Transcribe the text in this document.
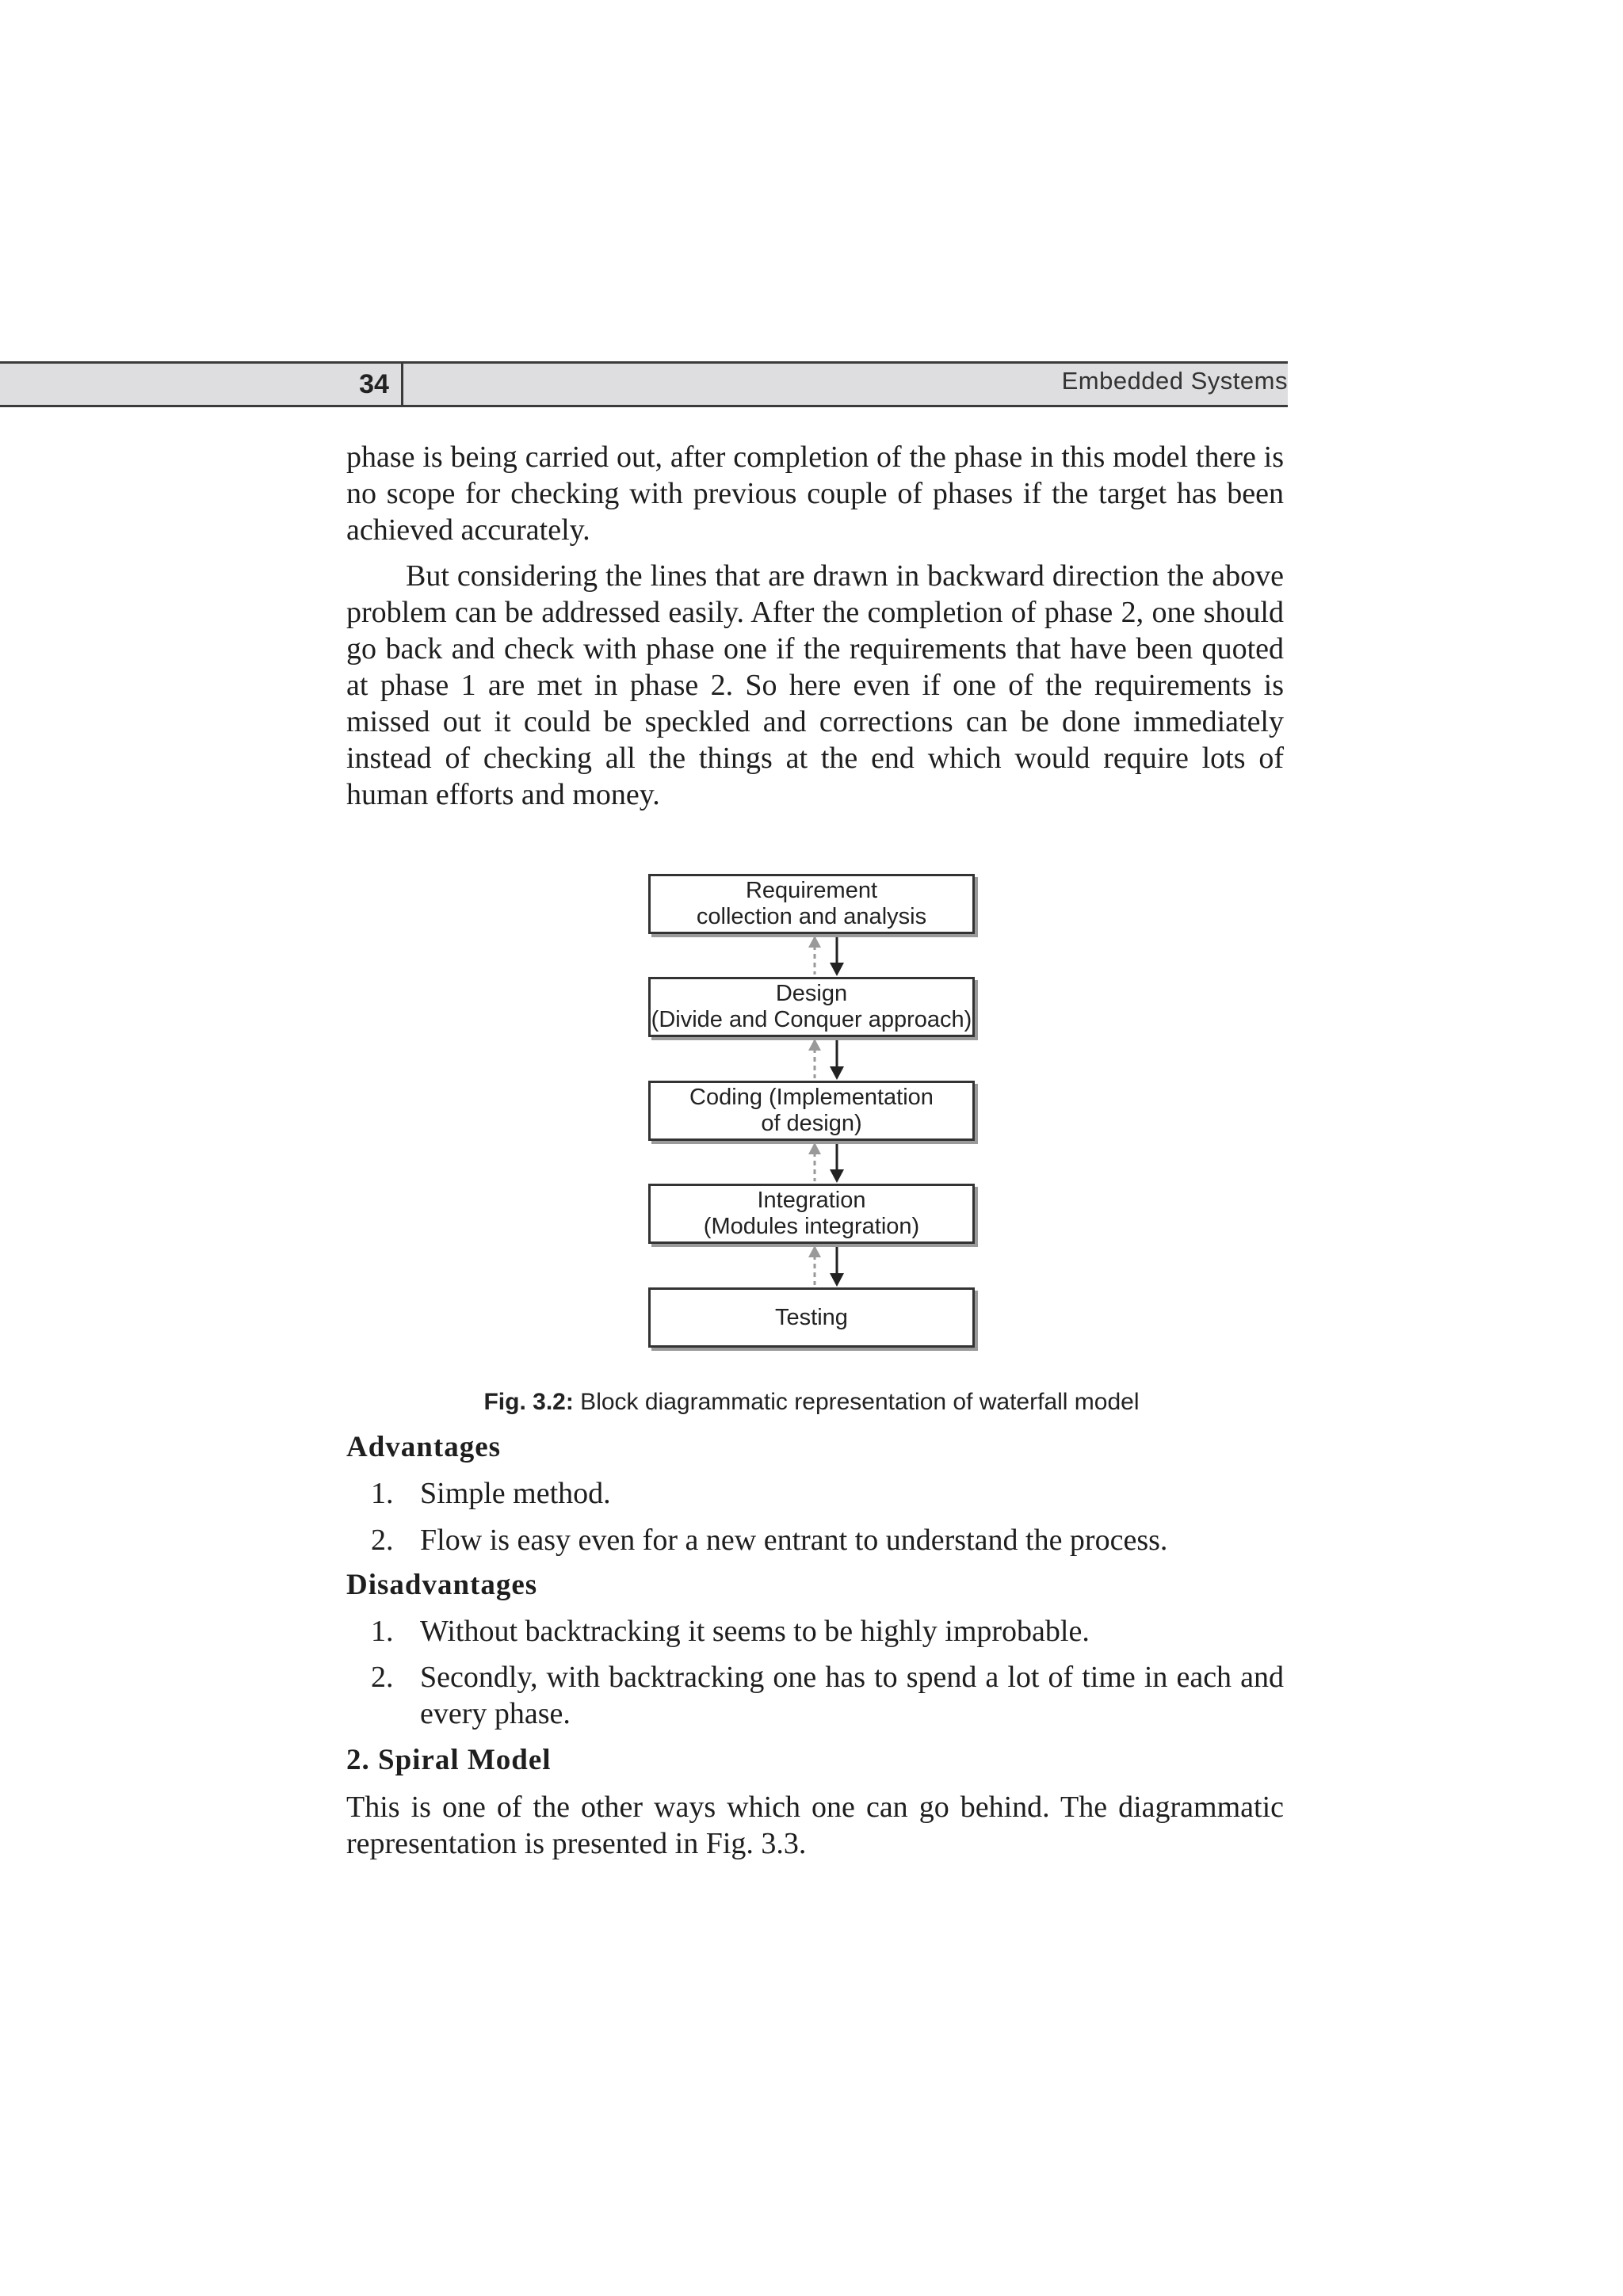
34	Embedded Systems

phase is being carried out, after completion of the phase in this model there is no scope for checking with previous couple of phases if the target has been achieved accurately.

But considering the lines that are drawn in backward direction the above problem can be addressed easily. After the completion of phase 2, one should go back and check with phase one if the requirements that have been quoted at phase 1 are met in phase 2. So here even if one of the requirements is missed out it could be speckled and corrections can be done immediately instead of checking all the things at the end which would require lots of human efforts and money.

Requirement
collection and analysis
Design
(Divide and Conquer approach)
Coding (Implementation
of design)
Integration
(Modules integration)
Testing
Fig. 3.2: Block diagrammatic representation of waterfall model
Advantages
1. Simple method.
2. Flow is easy even for a new entrant to understand the process.
Disadvantages
1. Without backtracking it seems to be highly improbable.
2. Secondly, with backtracking one has to spend a lot of time in each and every phase.
2. Spiral Model

This is one of the other ways which one can go behind. The diagrammatic representation is presented in Fig. 3.3.
